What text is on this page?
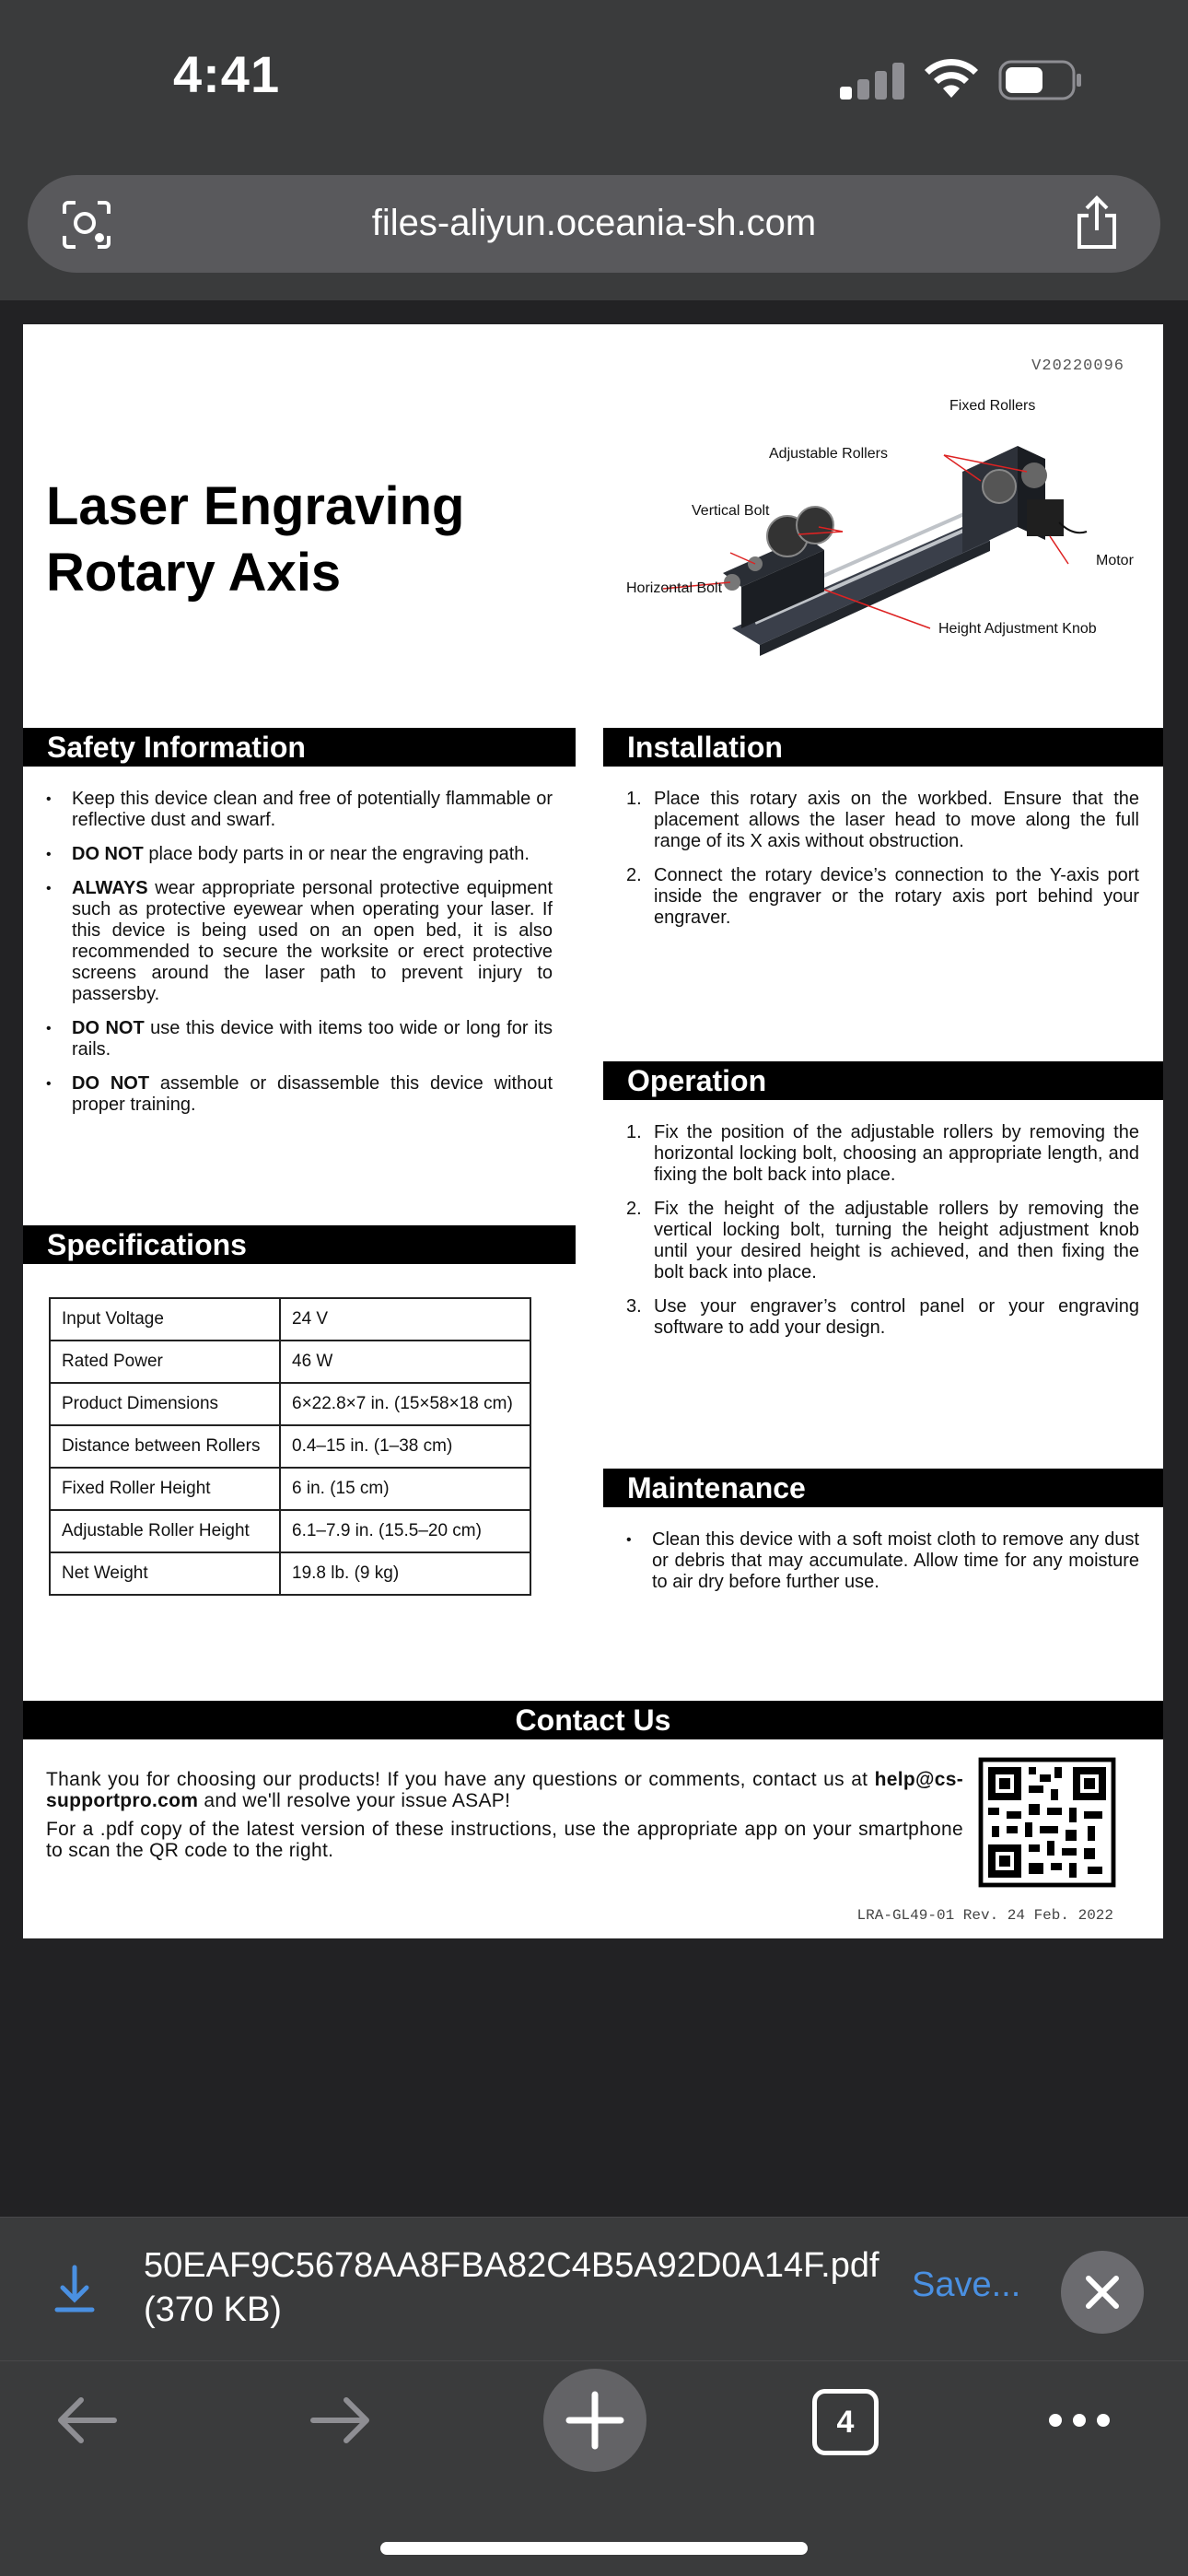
4:41
files-aliyun.oceania-sh.com
V20220096
Laser Engraving
Rotary Axis
Fixed Rollers
Adjustable Rollers
Vertical Bolt
Horizontal Bolt
Motor
Height Adjustment Knob
Safety Information
• Keep this device clean and free of potentially flammable or reflective dust and swarf.
• DO NOT place body parts in or near the engraving path.
• ALWAYS wear appropriate personal protective equipment such as protective eyewear when operating your laser. If this device is being used on an open bed, it is also recommended to secure the worksite or erect protective screens around the laser path to prevent injury to passersby.
• DO NOT use this device with items too wide or long for its rails.
• DO NOT assemble or disassemble this device without proper training.
Specifications
Input Voltage	24 V
Rated Power	46 W
Product Dimensions	6×22.8×7 in. (15×58×18 cm)
Distance between Rollers	0.4–15 in. (1–38 cm)
Fixed Roller Height	6 in. (15 cm)
Adjustable Roller Height	6.1–7.9 in. (15.5–20 cm)
Net Weight	19.8 lb. (9 kg)
Installation
1. Place this rotary axis on the workbed. Ensure that the placement allows the laser head to move along the full range of its X axis without obstruction.
2. Connect the rotary device’s connection to the Y-axis port inside the engraver or the rotary axis port behind your engraver.
Operation
1. Fix the position of the adjustable rollers by removing the horizontal locking bolt, choosing an appropriate length, and fixing the bolt back into place.
2. Fix the height of the adjustable rollers by removing the vertical locking bolt, turning the height adjustment knob until your desired height is achieved, and then fixing the bolt back into place.
3. Use your engraver’s control panel or your engraving software to add your design.
Maintenance
• Clean this device with a soft moist cloth to remove any dust or debris that may accumulate. Allow time for any moisture to air dry before further use.
Contact Us

Thank you for choosing our products! If you have any questions or comments, contact us at help@cs-supportpro.com and we'll resolve your issue ASAP!

For a .pdf copy of the latest version of these instructions, use the appropriate app on your smartphone to scan the QR code to the right.

LRA-GL49-01 Rev. 24 Feb. 2022
50EAF9C5678AA8FBA82C4B5A92D0A14F.pdf
(370 KB)
Save...
4
